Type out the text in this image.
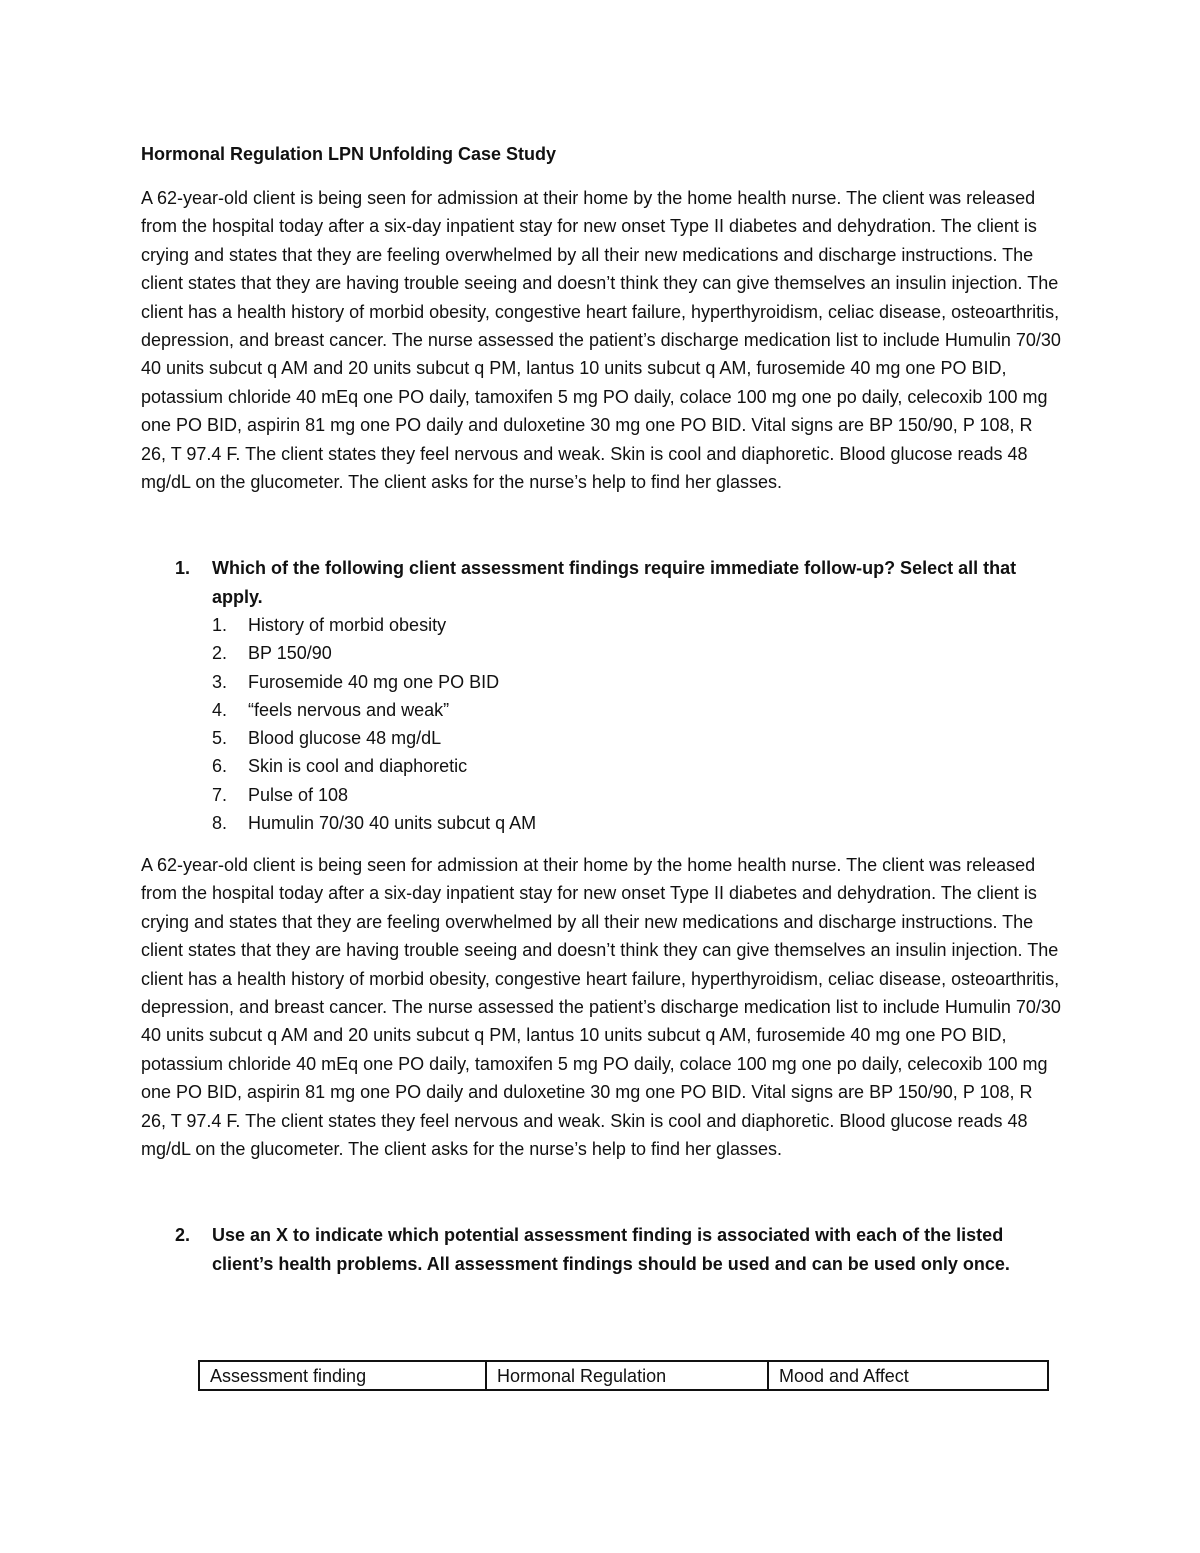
Hormonal Regulation LPN Unfolding Case Study

A 62-year-old client is being seen for admission at their home by the home health nurse. The client was released from the hospital today after a six-day inpatient stay for new onset Type II diabetes and dehydration. The client is crying and states that they are feeling overwhelmed by all their new medications and discharge instructions. The client states that they are having trouble seeing and doesn’t think they can give themselves an insulin injection. The client has a health history of morbid obesity, congestive heart failure, hyperthyroidism, celiac disease, osteoarthritis, depression, and breast cancer. The nurse assessed the patient’s discharge medication list to include Humulin 70/30 40 units subcut q AM and 20 units subcut q PM, lantus 10 units subcut q AM, furosemide 40 mg one PO BID, potassium chloride 40 mEq one PO daily, tamoxifen 5 mg PO daily, colace 100 mg one po daily, celecoxib 100 mg one PO BID, aspirin 81 mg one PO daily and duloxetine 30 mg one PO BID. Vital signs are BP 150/90, P 108, R 26, T 97.4 F. The client states they feel nervous and weak. Skin is cool and diaphoretic. Blood glucose reads 48 mg/dL on the glucometer. The client asks for the nurse’s help to find her glasses.

1. Which of the following client assessment findings require immediate follow-up? Select all that apply.

1. History of morbid obesity
2. BP 150/90
3. Furosemide 40 mg one PO BID
4. “feels nervous and weak”
5. Blood glucose 48 mg/dL
6. Skin is cool and diaphoretic
7. Pulse of 108
8. Humulin 70/30 40 units subcut q AM

A 62-year-old client is being seen for admission at their home by the home health nurse. The client was released from the hospital today after a six-day inpatient stay for new onset Type II diabetes and dehydration. The client is crying and states that they are feeling overwhelmed by all their new medications and discharge instructions. The client states that they are having trouble seeing and doesn’t think they can give themselves an insulin injection. The client has a health history of morbid obesity, congestive heart failure, hyperthyroidism, celiac disease, osteoarthritis, depression, and breast cancer. The nurse assessed the patient’s discharge medication list to include Humulin 70/30 40 units subcut q AM and 20 units subcut q PM, lantus 10 units subcut q AM, furosemide 40 mg one PO BID, potassium chloride 40 mEq one PO daily, tamoxifen 5 mg PO daily, colace 100 mg one po daily, celecoxib 100 mg one PO BID, aspirin 81 mg one PO daily and duloxetine 30 mg one PO BID. Vital signs are BP 150/90, P 108, R 26, T 97.4 F. The client states they feel nervous and weak. Skin is cool and diaphoretic. Blood glucose reads 48 mg/dL on the glucometer. The client asks for the nurse’s help to find her glasses.

2. Use an X to indicate which potential assessment finding is associated with each of the listed client’s health problems. All assessment findings should be used and can be used only once.

Assessment finding	Hormonal Regulation	Mood and Affect
